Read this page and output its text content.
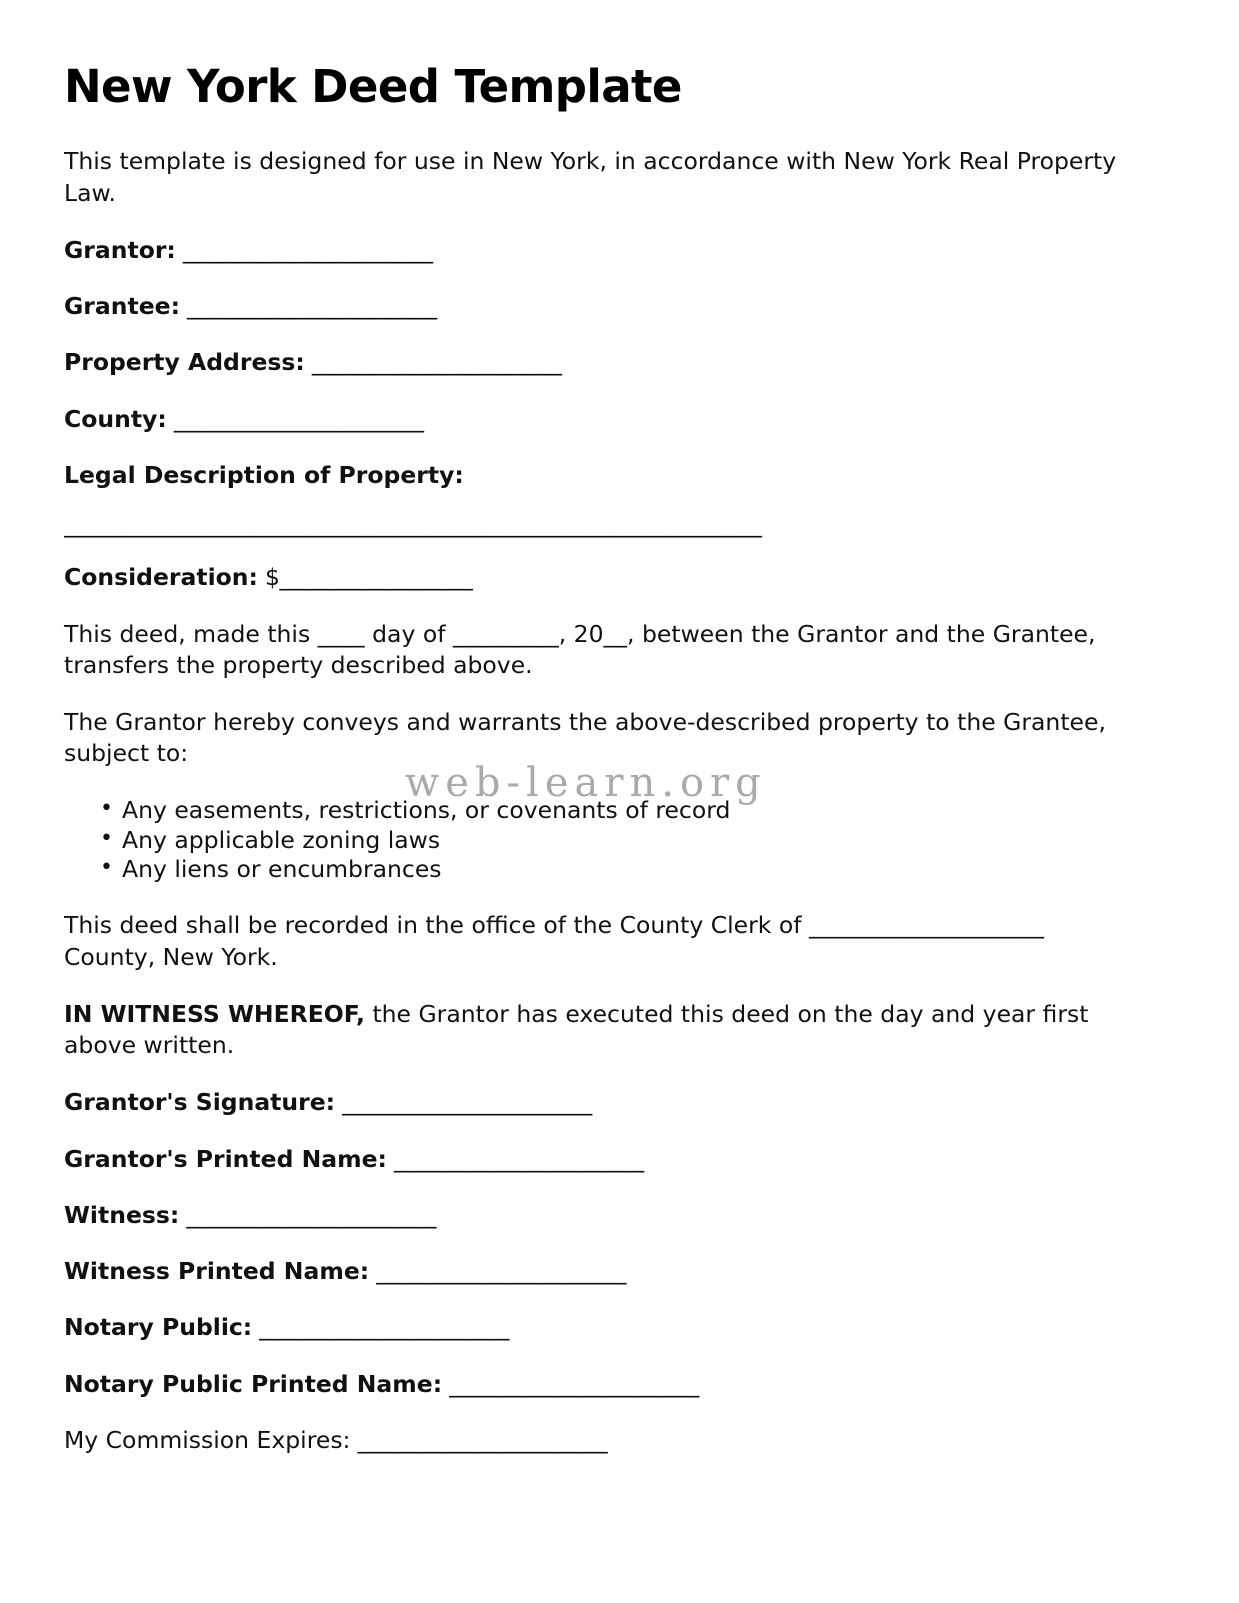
New York Deed Template

This template is designed for use in New York, in accordance with New York Real Property Law.

Grantor: ______________________

Grantee: ______________________

Property Address: ______________________

County: ______________________

Legal Description of Property:

______________________________________________________________

Consideration: $_________________

This deed, made this ____ day of _________, 20__, between the Grantor and the Grantee, transfers the property described above.

The Grantor hereby conveys and warrants the above-described property to the Grantee, subject to:

• Any easements, restrictions, or covenants of record
• Any applicable zoning laws
• Any liens or encumbrances

This deed shall be recorded in the office of the County Clerk of ____________________ County, New York.

IN WITNESS WHEREOF, the Grantor has executed this deed on the day and year first above written.

Grantor's Signature: ______________________

Grantor's Printed Name: ______________________

Witness: ______________________

Witness Printed Name: ______________________

Notary Public: ______________________

Notary Public Printed Name: ______________________

My Commission Expires: ______________________

web-learn.org
